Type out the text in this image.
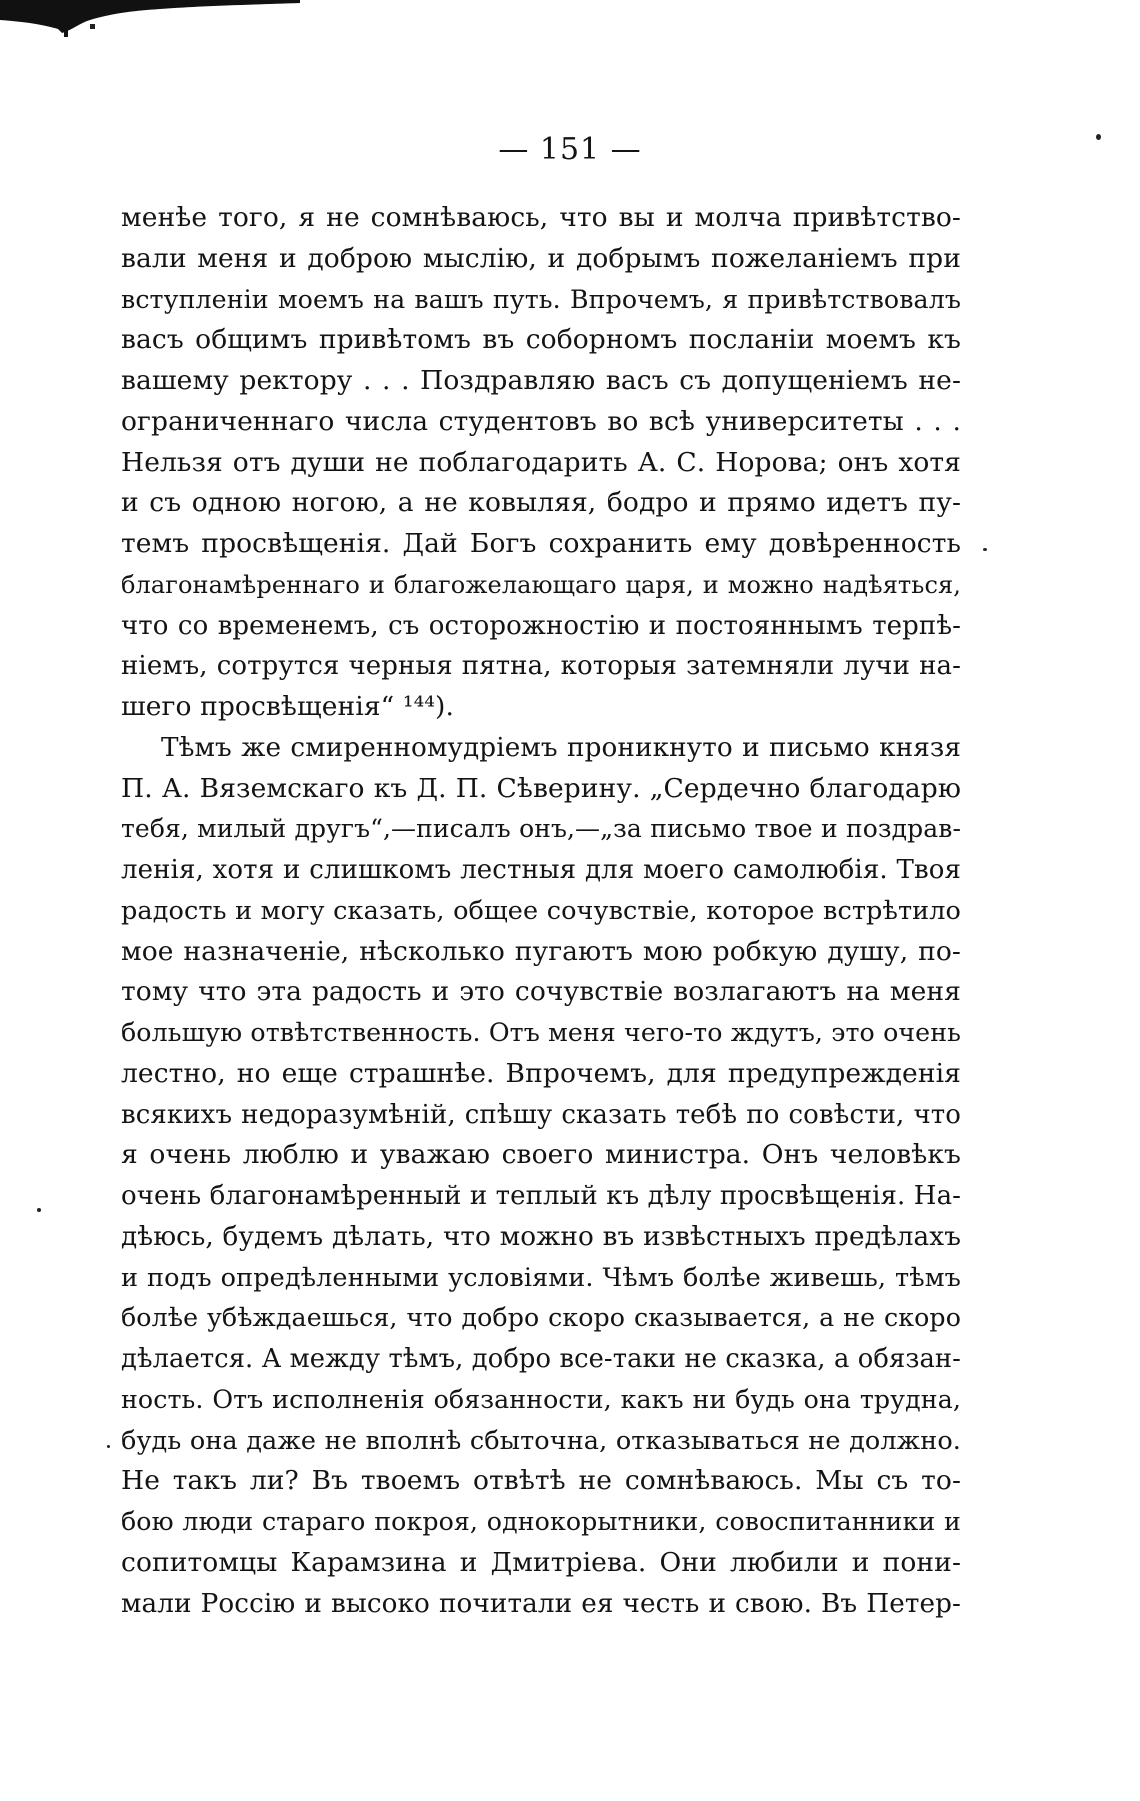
— 151 —
менѣе того, я не сомнѣваюсь, что вы и молча привѣтство-
вали меня и доброю мыслію, и добрымъ пожеланіемъ при
вступленіи моемъ на вашъ путь. Впрочемъ, я привѣтствовалъ
васъ общимъ привѣтомъ въ соборномъ посланіи моемъ къ
вашему ректору . . . Поздравляю васъ съ допущеніемъ не-
ограниченнаго числа студентовъ во всѣ университеты . . .
Нельзя отъ души не поблагодарить А. С. Норова; онъ хотя
и съ одною ногою, а не ковыляя, бодро и прямо идетъ пу-
темъ просвѣщенія. Дай Богъ сохранить ему довѣренность
благонамѣреннаго и благожелающаго царя, и можно надѣяться,
что со временемъ, съ осторожностію и постояннымъ терпѣ-
ніемъ, сотрутся черныя пятна, которыя затемняли лучи на-
шего просвѣщенія“ ¹⁴⁴).
Тѣмъ же смиренномудріемъ проникнуто и письмо князя
П. А. Вяземскаго къ Д. П. Сѣверину. „Сердечно благодарю
тебя, милый другъ“,—писалъ онъ,—„за письмо твое и поздрав-
ленія, хотя и слишкомъ лестныя для моего самолюбія. Твоя
радость и могу сказать, общее сочувствіе, которое встрѣтило
мое назначеніе, нѣсколько пугаютъ мою робкую душу, по-
тому что эта радость и это сочувствіе возлагаютъ на меня
большую отвѣтственность. Отъ меня чего-то ждутъ, это очень
лестно, но еще страшнѣе. Впрочемъ, для предупрежденія
всякихъ недоразумѣній, спѣшу сказать тебѣ по совѣсти, что
я очень люблю и уважаю своего министра. Онъ человѣкъ
очень благонамѣренный и теплый къ дѣлу просвѣщенія. На-
дѣюсь, будемъ дѣлать, что можно въ извѣстныхъ предѣлахъ
и подъ опредѣленными условіями. Чѣмъ болѣе живешь, тѣмъ
болѣе убѣждаешься, что добро скоро сказывается, а не скоро
дѣлается. А между тѣмъ, добро все-таки не сказка, а обязан-
ность. Отъ исполненія обязанности, какъ ни будь она трудна,
будь она даже не вполнѣ сбыточна, отказываться не должно.
Не такъ ли? Въ твоемъ отвѣтѣ не сомнѣваюсь. Мы съ то-
бою люди стараго покроя, однокорытники, совоспитанники и
сопитомцы Карамзина и Дмитріева. Они любили и пони-
мали Россію и высоко почитали ея честь и свою. Въ Петер-
